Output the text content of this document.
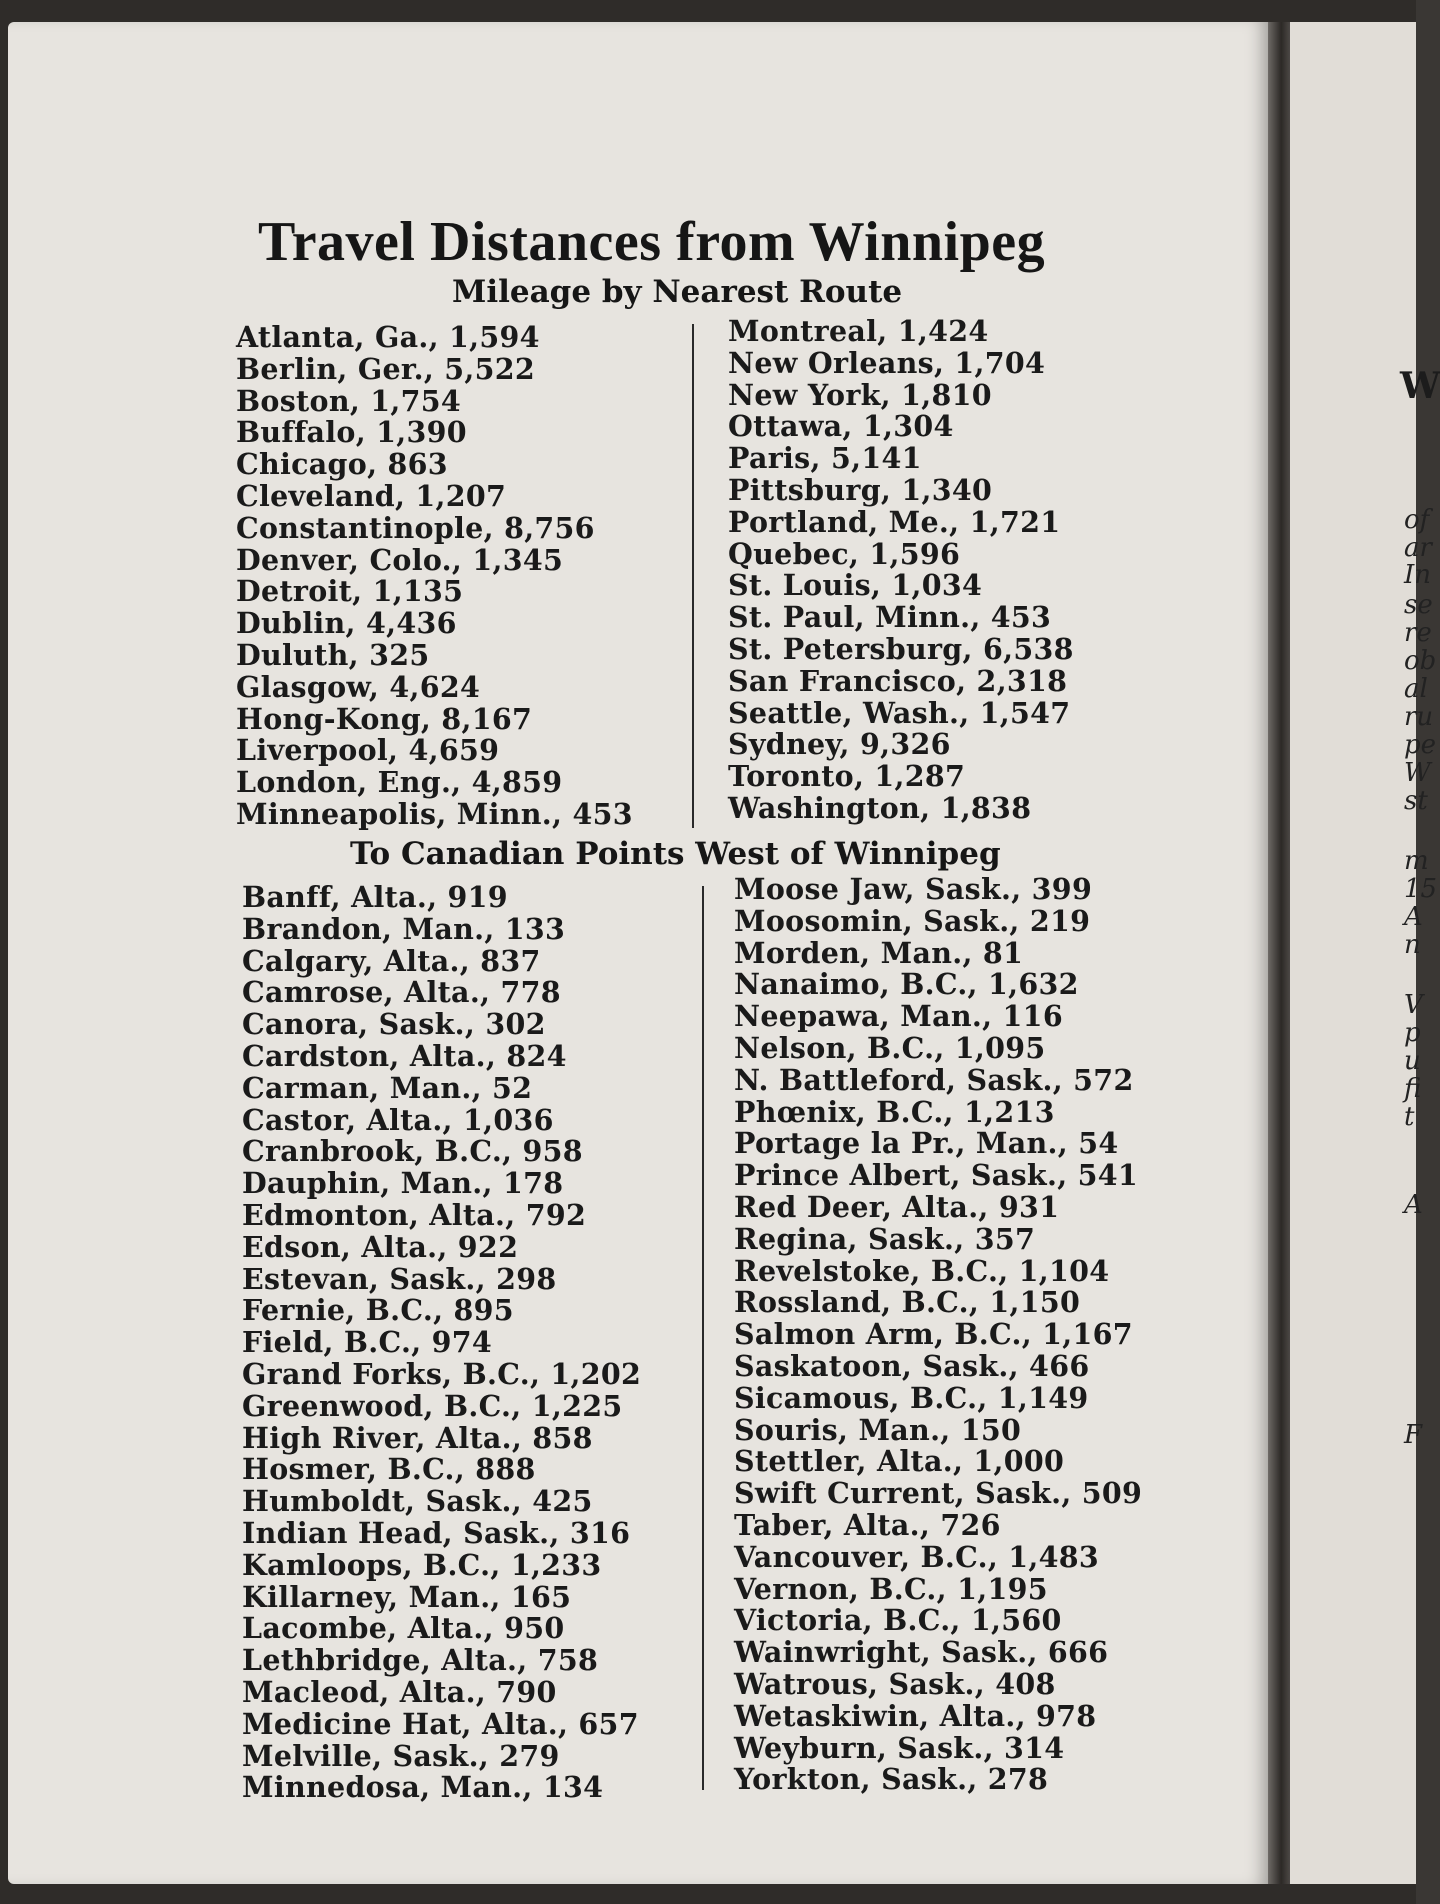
W
of
ar
In
se
re
ob
al
ru
pe
W
st
m
15
A
n
V
p
u
fi
t
A
F
Travel Distances from Winnipeg
Mileage by Nearest Route
Atlanta, Ga., 1,594
Berlin, Ger., 5,522
Boston, 1,754
Buffalo, 1,390
Chicago, 863
Cleveland, 1,207
Constantinople, 8,756
Denver, Colo., 1,345
Detroit, 1,135
Dublin, 4,436
Duluth, 325
Glasgow, 4,624
Hong-Kong, 8,167
Liverpool, 4,659
London, Eng., 4,859
Minneapolis, Minn., 453
Montreal, 1,424
New Orleans, 1,704
New York, 1,810
Ottawa, 1,304
Paris, 5,141
Pittsburg, 1,340
Portland, Me., 1,721
Quebec, 1,596
St. Louis, 1,034
St. Paul, Minn., 453
St. Petersburg, 6,538
San Francisco, 2,318
Seattle, Wash., 1,547
Sydney, 9,326
Toronto, 1,287
Washington, 1,838
To Canadian Points West of Winnipeg
Banff, Alta., 919
Brandon, Man., 133
Calgary, Alta., 837
Camrose, Alta., 778
Canora, Sask., 302
Cardston, Alta., 824
Carman, Man., 52
Castor, Alta., 1,036
Cranbrook, B.C., 958
Dauphin, Man., 178
Edmonton, Alta., 792
Edson, Alta., 922
Estevan, Sask., 298
Fernie, B.C., 895
Field, B.C., 974
Grand Forks, B.C., 1,202
Greenwood, B.C., 1,225
High River, Alta., 858
Hosmer, B.C., 888
Humboldt, Sask., 425
Indian Head, Sask., 316
Kamloops, B.C., 1,233
Killarney, Man., 165
Lacombe, Alta., 950
Lethbridge, Alta., 758
Macleod, Alta., 790
Medicine Hat, Alta., 657
Melville, Sask., 279
Minnedosa, Man., 134
Moose Jaw, Sask., 399
Moosomin, Sask., 219
Morden, Man., 81
Nanaimo, B.C., 1,632
Neepawa, Man., 116
Nelson, B.C., 1,095
N. Battleford, Sask., 572
Phœnix, B.C., 1,213
Portage la Pr., Man., 54
Prince Albert, Sask., 541
Red Deer, Alta., 931
Regina, Sask., 357
Revelstoke, B.C., 1,104
Rossland, B.C., 1,150
Salmon Arm, B.C., 1,167
Saskatoon, Sask., 466
Sicamous, B.C., 1,149
Souris, Man., 150
Stettler, Alta., 1,000
Swift Current, Sask., 509
Taber, Alta., 726
Vancouver, B.C., 1,483
Vernon, B.C., 1,195
Victoria, B.C., 1,560
Wainwright, Sask., 666
Watrous, Sask., 408
Wetaskiwin, Alta., 978
Weyburn, Sask., 314
Yorkton, Sask., 278
